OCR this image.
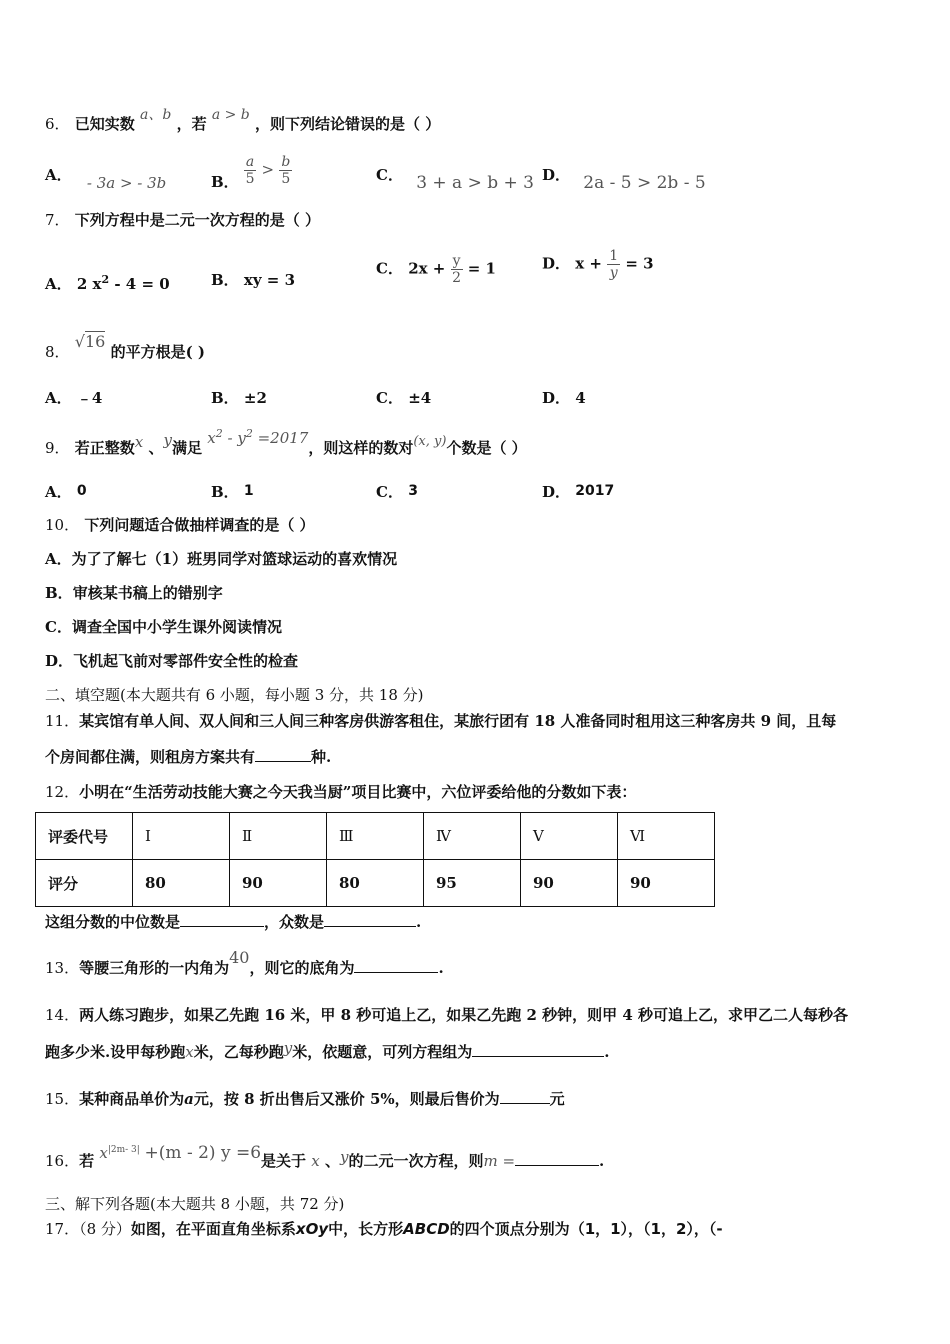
6． 已知实数 a、b ，若 a > b ，则下列结论错误的是（ ）
A． - 3a > - 3b	B． $\frac{a}{5} > \frac{b}{5}$	C． 3 + a > b + 3 D． 2a - 5 > 2b - 5
7． 下列方程中是二元一次方程的是（ ）
A． 2 $x^2 - 4 = 0$	B． xy = 3
C． $2x + \frac{y}{2} = 1$	D． $x + \frac{1}{y} = 3$
8． √16 的平方根是( )
A． ﹣4	B． ±2	C． ±4	D． 4
9． 若正整数x 、y满足 $x^2 - y^2 =2017$，则这样的数对(x, y)个数是（ ）
A． 0	B． 1	C． 3	D． 2017
10． 下列问题适合做抽样调查的是（ ）
A．为了了解七（1）班男同学对篮球运动的喜欢情况
B．审核某书稿上的错别字
C．调查全国中小学生课外阅读情况
D．飞机起飞前对零部件安全性的检查
二、填空题(本大题共有 6 小题，每小题 3 分，共 18 分)
11．某宾馆有单人间、双人间和三人间三种客房供游客租住，某旅行团有 18 人准备同时租用这三种客房共 9 间，且每
个房间都住满，则租房方案共有	种.
12．小明在“生活劳动技能大赛之今天我当厨”项目比赛中，六位评委给他的分数如下表：
评委代号	Ⅰ	Ⅱ	Ⅲ	Ⅳ	Ⅴ	Ⅵ
评分	80	90	80	95	90	90
这组分数的中位数是	，众数是	.
13．等腰三角形的一内角为40，则它的底角为	.
14．两人练习跑步，如果乙先跑 16 米，甲 8 秒可追上乙，如果乙先跑 2 秒钟，则甲 4 秒可追上乙，求甲乙二人每秒各
跑多少米.设甲每秒跑x米，乙每秒跑y米，依题意，可列方程组为	.
15．某种商品单价为a元，按 8 折出售后又涨价 5%，则最后售价为	元
16．若 $x^{|2m- 3|} +(m - 2)$ y =6是关于 x 、y的二元一次方程，则m =	.
三、解下列各题(本大题共 8 小题，共 72 分)
17．（8 分）如图，在平面直角坐标系xOy中，长方形ABCD的四个顶点分别为（1，1），（1，2），（-
